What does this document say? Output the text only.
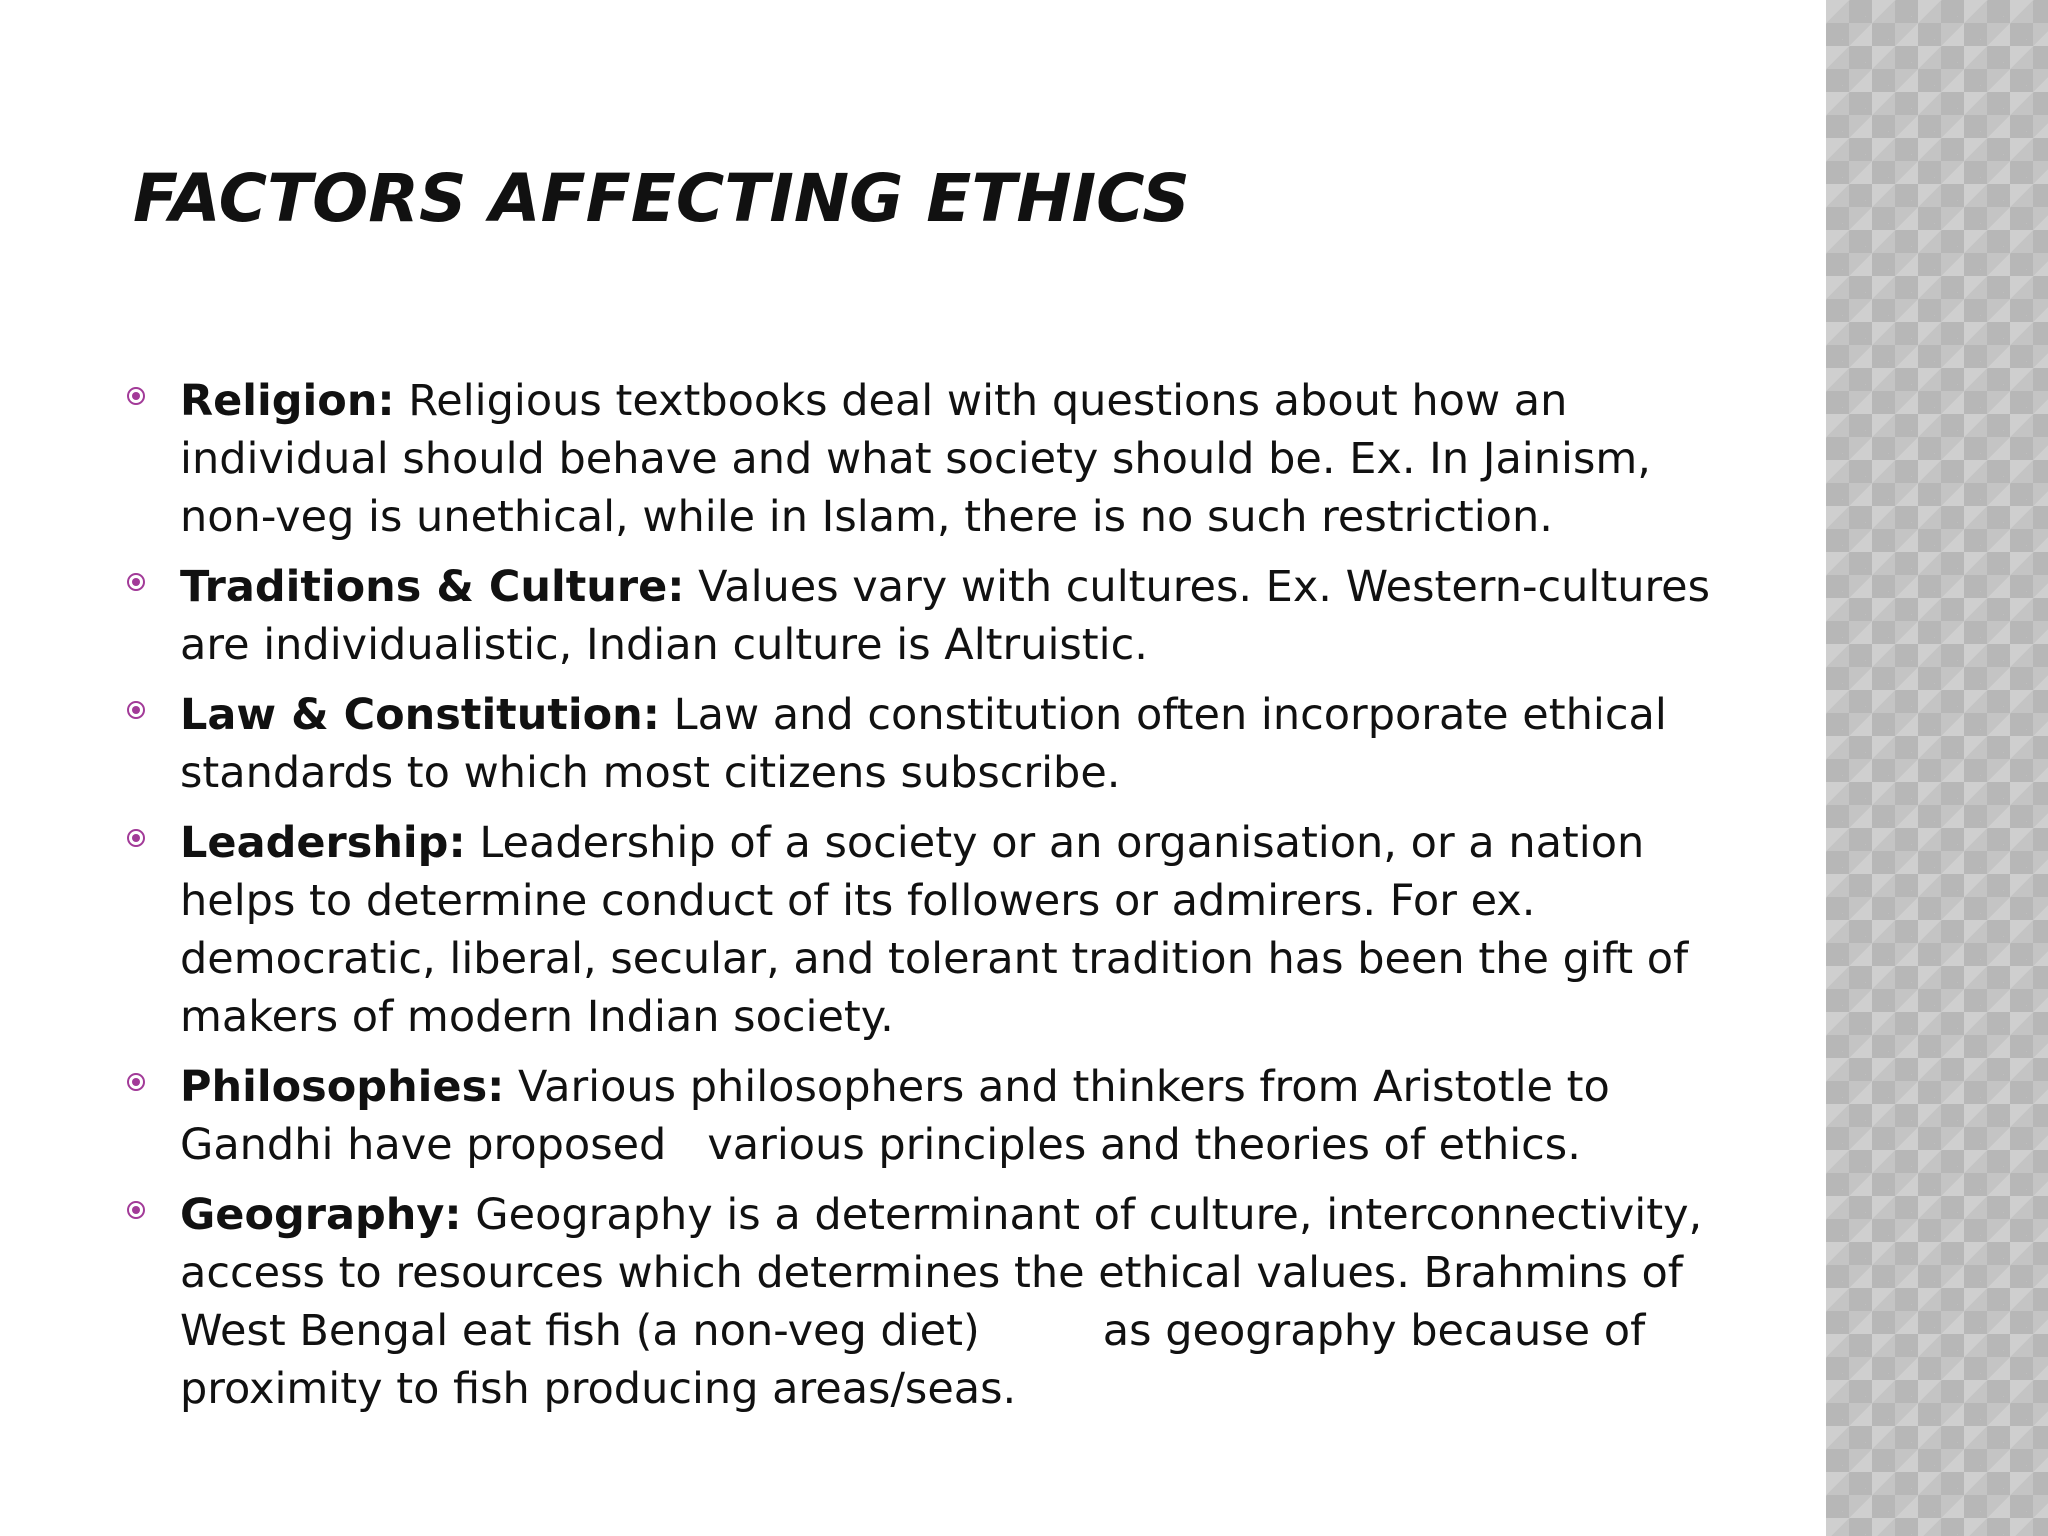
FACTORS AFFECTING ETHICS
Religion: Religious textbooks deal with questions about how an individual should behave and what society should be. Ex. In Jainism, non-veg is unethical, while in Islam, there is no such restriction.
Traditions & Culture: Values vary with cultures. Ex. Western-cultures are individualistic, Indian culture is Altruistic.
Law & Constitution: Law and constitution often incorporate ethical standards to which most citizens subscribe.
Leadership: Leadership of a society or an organisation, or a nation helps to determine conduct of its followers or admirers. For ex. democratic, liberal, secular, and tolerant tradition has been the gift of makers of modern Indian society.
Philosophies: Various philosophers and thinkers from Aristotle to Gandhi have proposed   various principles and theories of ethics.
Geography: Geography is a determinant of culture, interconnectivity, access to resources which determines the ethical values. Brahmins of West Bengal eat fish (a non-veg diet)         as geography because of proximity to fish producing areas/seas.
